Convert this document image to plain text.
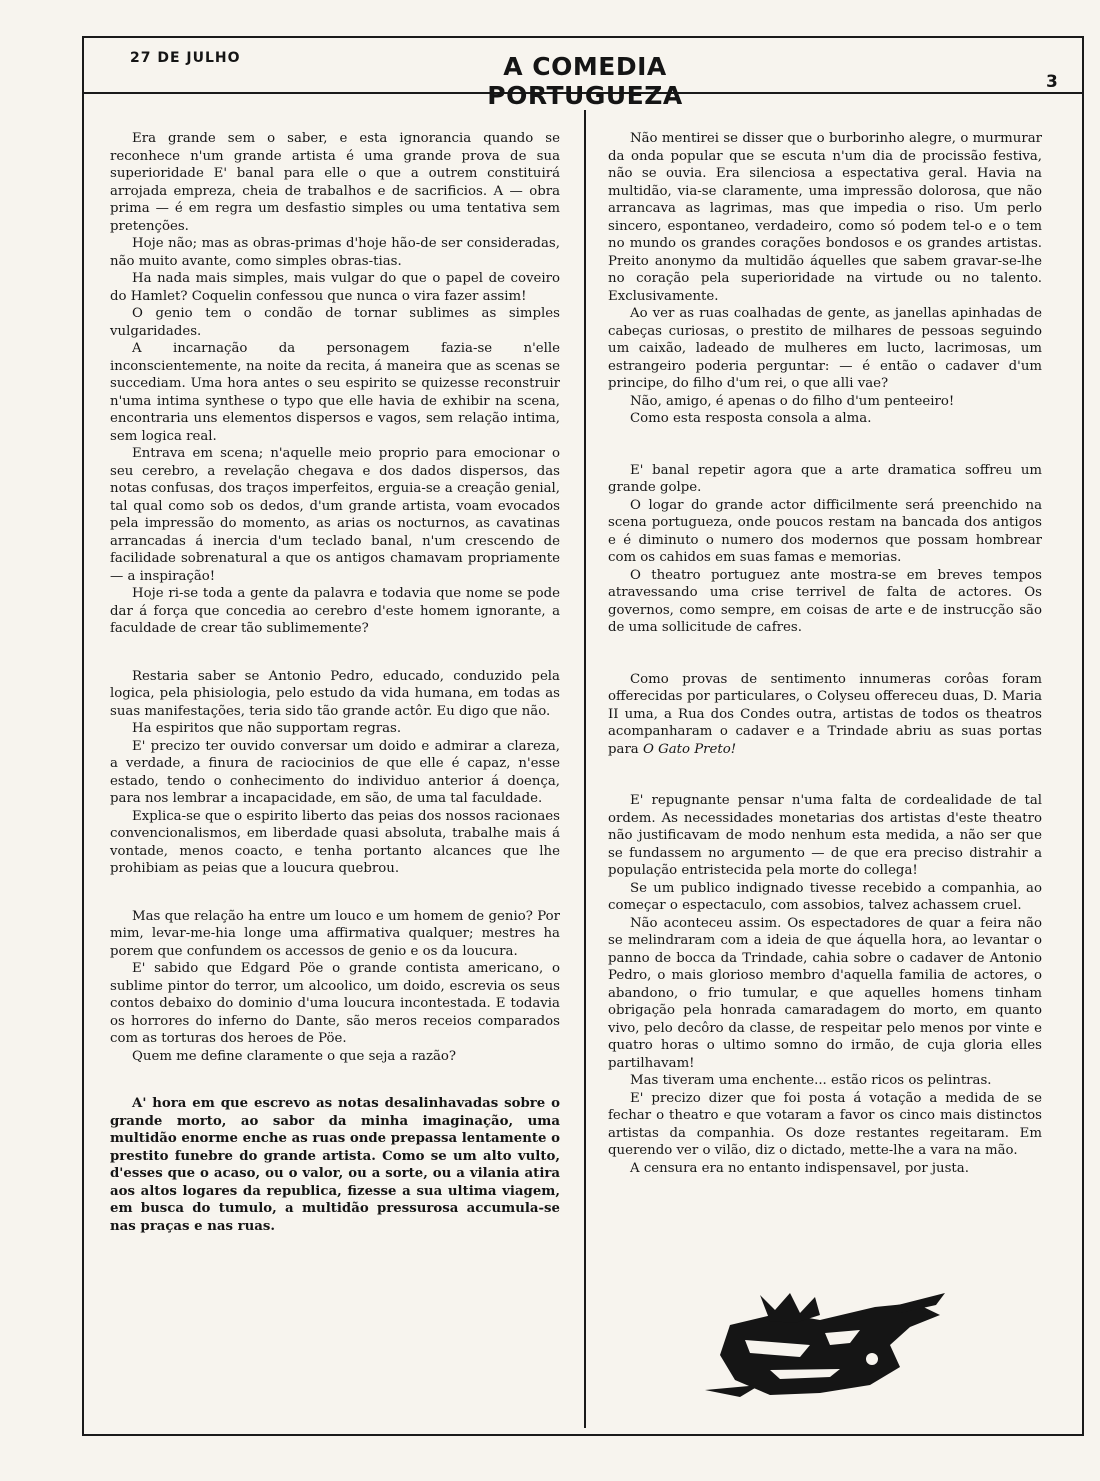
27 DE JULHO	A COMEDIA PORTUGUEZA	3

Era grande sem o saber, e esta ignorancia quando se reconhece n'um grande artista é uma grande prova de sua superioridade E' banal para elle o que a outrem constituirá arrojada empreza, cheia de trabalhos e de sacrificios. A — obra prima — é em regra um desfastio simples ou uma tentativa sem pretenções.

Hoje não; mas as obras-primas d'hoje hão-de ser consideradas, não muito avante, como simples obras-tias.

Ha nada mais simples, mais vulgar do que o papel de coveiro do Hamlet? Coquelin confessou que nunca o vira fazer assim!

O genio tem o condão de tornar sublimes as simples vulgaridades.

A incarnação da personagem fazia-se n'elle inconscientemente, na noite da recita, á maneira que as scenas se succediam. Uma hora antes o seu espirito se quizesse reconstruir n'uma intima synthese o typo que elle havia de exhibir na scena, encontraria uns elementos dispersos e vagos, sem relação intima, sem logica real.

Entrava em scena; n'aquelle meio proprio para emocionar o seu cerebro, a revelação chegava e dos dados dispersos, das notas confusas, dos traços imperfeitos, erguia-se a creação genial, tal qual como sob os dedos, d'um grande artista, voam evocados pela impressão do momento, as arias os nocturnos, as cavatinas arrancadas á inercia d'um teclado banal, n'um crescendo de facilidade sobrenatural a que os antigos chamavam propriamente — a inspiração!

Hoje ri-se toda a gente da palavra e todavia que nome se pode dar á força que concedia ao cerebro d'este homem ignorante, a faculdade de crear tão sublimemente?

Restaria saber se Antonio Pedro, educado, conduzido pela logica, pela phisiologia, pelo estudo da vida humana, em todas as suas manifestações, teria sido tão grande actôr. Eu digo que não.

Ha espiritos que não supportam regras.

E' precizo ter ouvido conversar um doido e admirar a clareza, a verdade, a finura de raciocinios de que elle é capaz, n'esse estado, tendo o conhecimento do individuo anterior á doença, para nos lembrar a incapacidade, em são, de uma tal faculdade.

Explica-se que o espirito liberto das peias dos nossos racionaes convencionalismos, em liberdade quasi absoluta, trabalhe mais á vontade, menos coacto, e tenha portanto alcances que lhe prohibiam as peias que a loucura quebrou.

Mas que relação ha entre um louco e um homem de genio? Por mim, levar-me-hia longe uma affirmativa qualquer; mestres ha porem que confundem os accessos de genio e os da loucura.

E' sabido que Edgard Pöe o grande contista americano, o sublime pintor do terror, um alcoolico, um doido, escrevia os seus contos debaixo do dominio d'uma loucura incontestada. E todavia os horrores do inferno do Dante, são meros receios comparados com as torturas dos heroes de Pöe.

Quem me define claramente o que seja a razão?

A' hora em que escrevo as notas desalinhavadas sobre o grande morto, ao sabor da minha imaginação, uma multidão enorme enche as ruas onde prepassa lentamente o prestito funebre do grande artista. Como se um alto vulto, d'esses que o acaso, ou o valor, ou a sorte, ou a vilania atira aos altos logares da republica, fizesse a sua ultima viagem, em busca do tumulo, a multidão pressurosa accumula-se nas praças e nas ruas.

Não mentirei se disser que o burborinho alegre, o murmurar da onda popular que se escuta n'um dia de procissão festiva, não se ouvia. Era silenciosa a espectativa geral. Havia na multidão, via-se claramente, uma impressão dolorosa, que não arrancava as lagrimas, mas que impedia o riso. Um perlo sincero, espontaneo, verdadeiro, como só podem tel-o e o tem no mundo os grandes corações bondosos e os grandes artistas. Preito anonymo da multidão áquelles que sabem gravar-se-lhe no coração pela superioridade na virtude ou no talento. Exclusivamente.

Ao ver as ruas coalhadas de gente, as janellas apinhadas de cabeças curiosas, o prestito de milhares de pessoas seguindo um caixão, ladeado de mulheres em lucto, lacrimosas, um estrangeiro poderia perguntar: — é então o cadaver d'um principe, do filho d'um rei, o que alli vae?

Não, amigo, é apenas o do filho d'um penteeiro!

Como esta resposta consola a alma.

E' banal repetir agora que a arte dramatica soffreu um grande golpe.

O logar do grande actor difficilmente será preenchido na scena portugueza, onde poucos restam na bancada dos antigos e é diminuto o numero dos modernos que possam hombrear com os cahidos em suas famas e memorias.

O theatro portuguez ante mostra-se em breves tempos atravessando uma crise terrivel de falta de actores. Os governos, como sempre, em coisas de arte e de instrucção são de uma sollicitude de cafres.

Como provas de sentimento innumeras corôas foram offerecidas por particulares, o Colyseu offereceu duas, D. Maria II uma, a Rua dos Condes outra, artistas de todos os theatros acompanharam o cadaver e a Trindade abriu as suas portas para O Gato Preto!

E' repugnante pensar n'uma falta de cordealidade de tal ordem. As necessidades monetarias dos artistas d'este theatro não justificavam de modo nenhum esta medida, a não ser que se fundassem no argumento — de que era preciso distrahir a população entristecida pela morte do collega!

Se um publico indignado tivesse recebido a companhia, ao começar o espectaculo, com assobios, talvez achassem cruel.

Não aconteceu assim. Os espectadores de quar a feira não se melindraram com a ideia de que áquella hora, ao levantar o panno de bocca da Trindade, cahia sobre o cadaver de Antonio Pedro, o mais glorioso membro d'aquella familia de actores, o abandono, o frio tumular, e que aquelles homens tinham obrigação pela honrada camaradagem do morto, em quanto vivo, pelo decôro da classe, de respeitar pelo menos por vinte e quatro horas o ultimo somno do irmão, de cuja gloria elles partilhavam!

Mas tiveram uma enchente... estão ricos os pelintras.

E' precizo dizer que foi posta á votação a medida de se fechar o theatro e que votaram a favor os cinco mais distinctos artistas da companhia. Os doze restantes regeitaram. Em querendo ver o vilão, diz o dictado, mette-lhe a vara na mão.

A censura era no entanto indispensavel, por justa.
